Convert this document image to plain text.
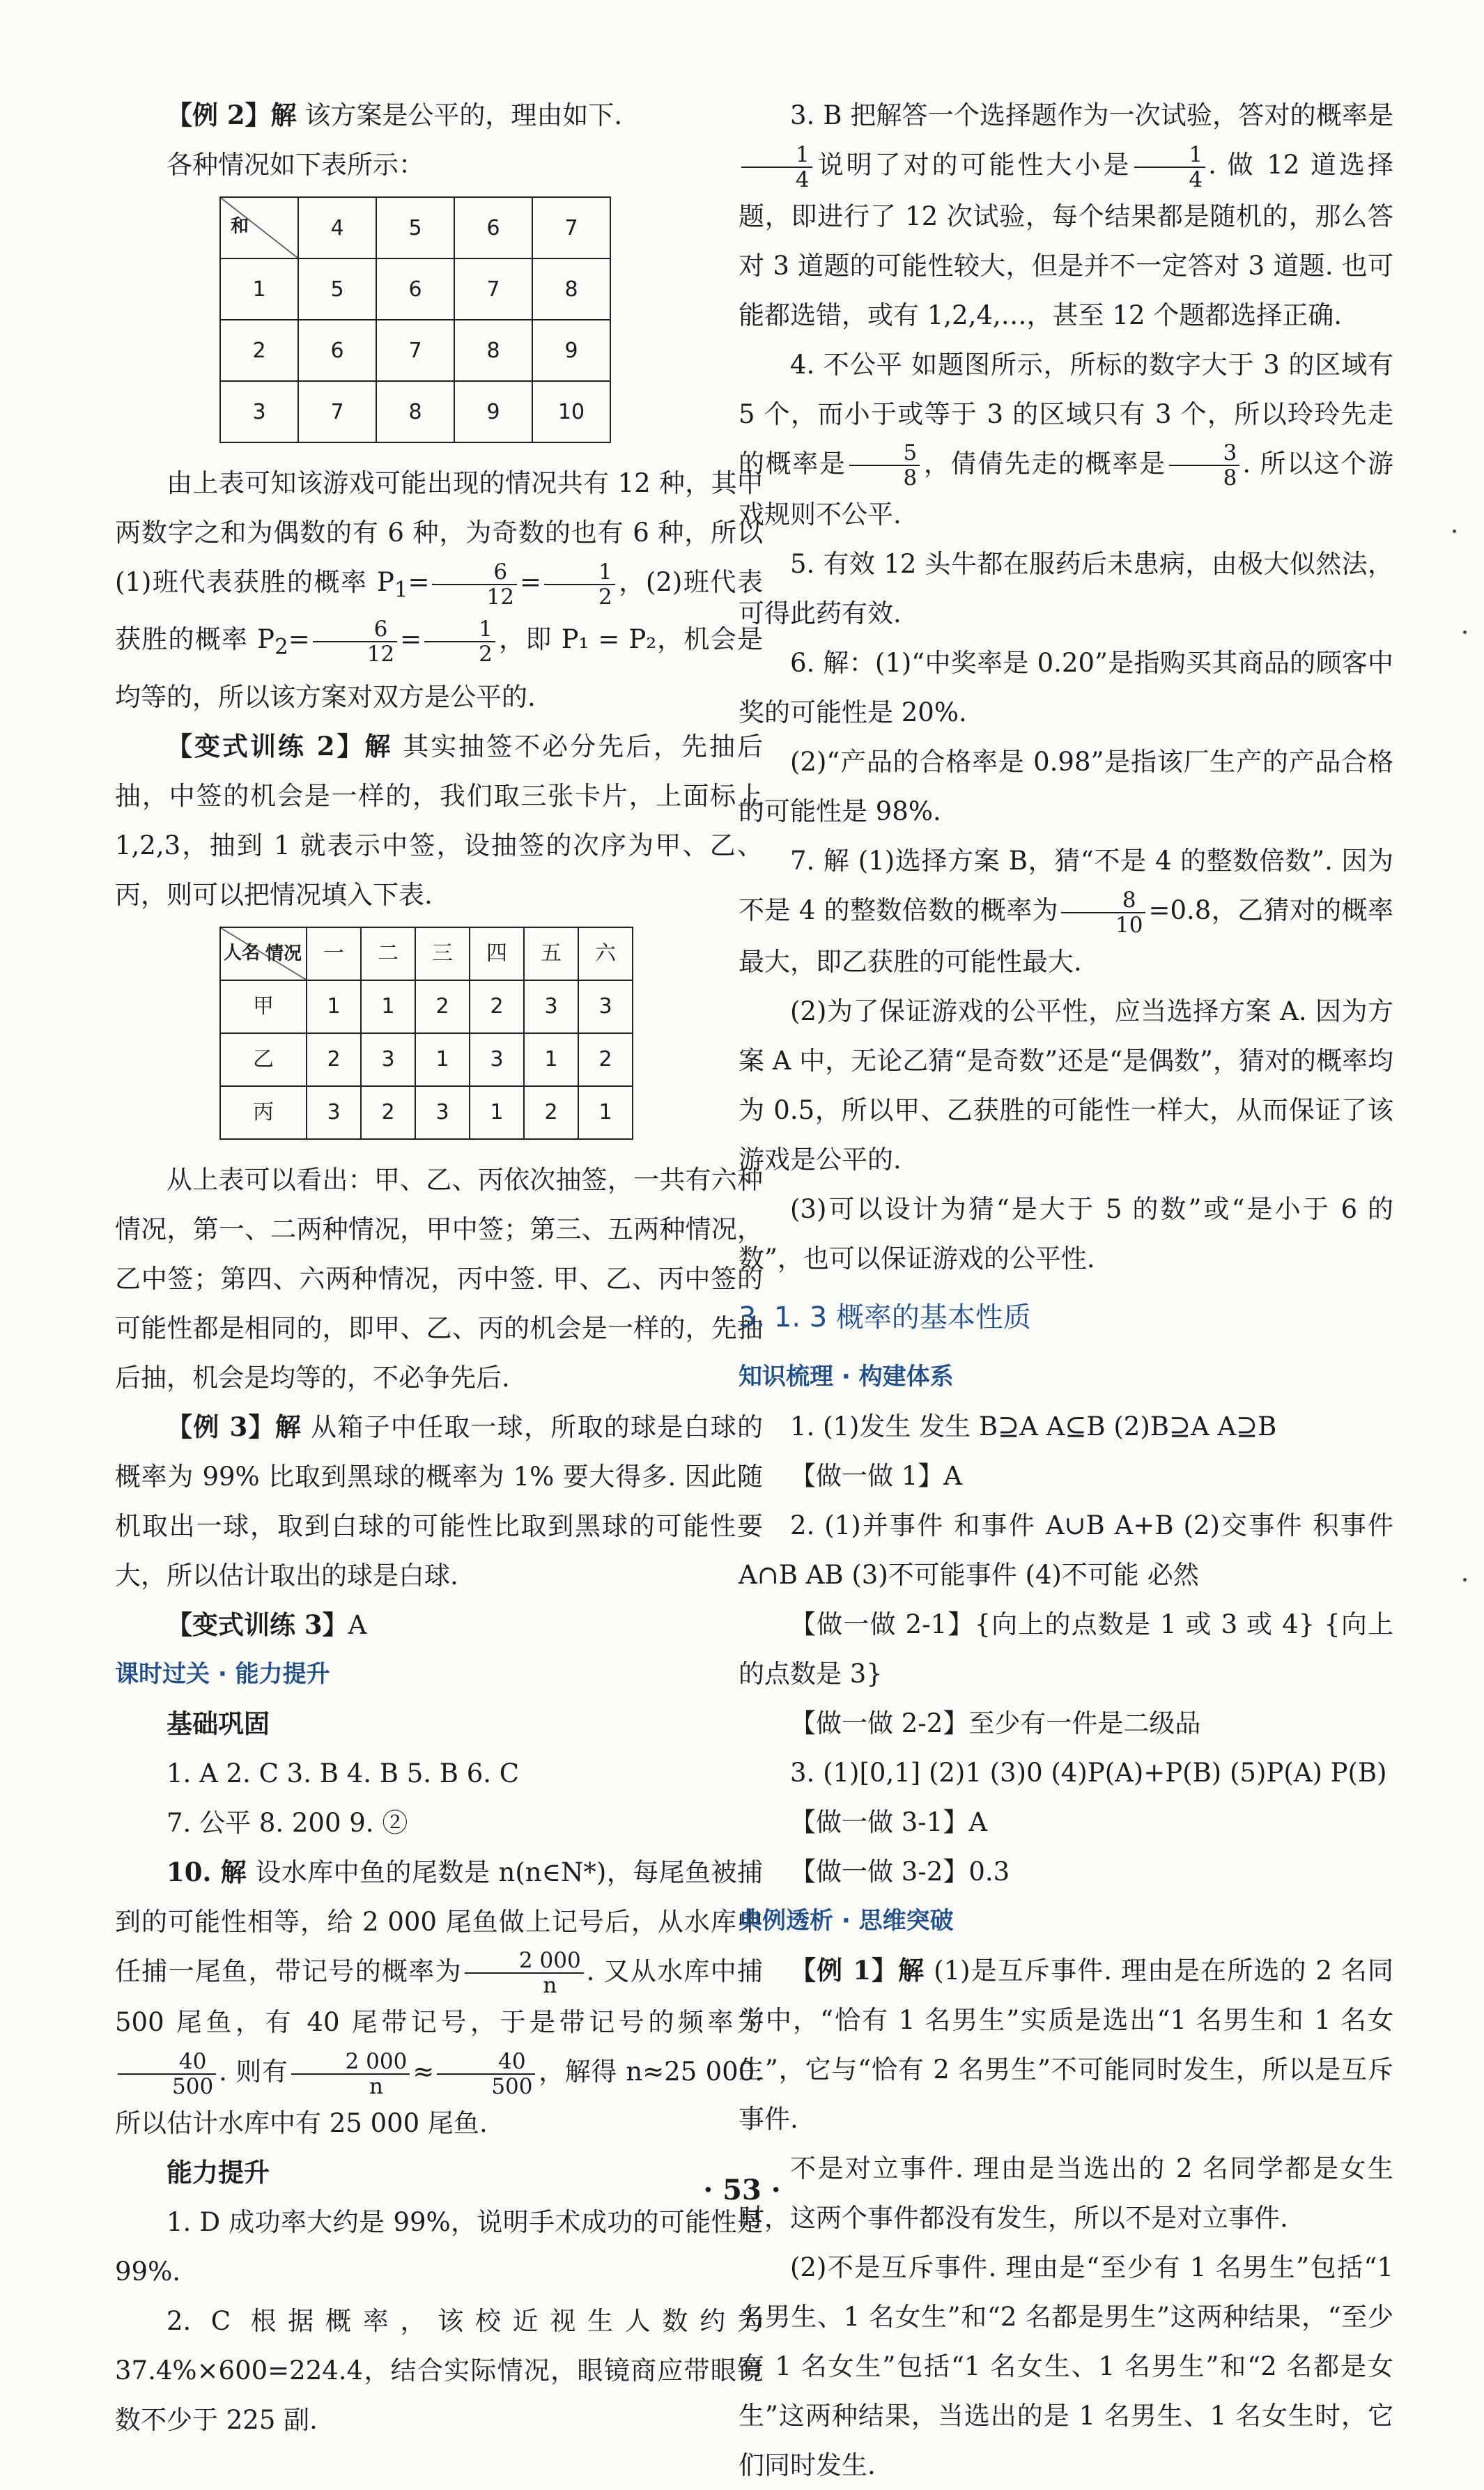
【例 2】解 该方案是公平的，理由如下.

各种情况如下表所示：

和	4	5	6	7
1	5	6	7	8
2	6	7	8	9
3	7	8	9	10

由上表可知该游戏可能出现的情况共有 12 种，其中两数字之和为偶数的有 6 种，为奇数的也有 6 种，所以(1)班代表获胜的概率 $P_1= \frac{6}{12} = \frac{1}{2}$ ，(2)班代表获胜的概率 $P_2= \frac{6}{12} = \frac{1}{2}$ ，即 P₁ = P₂，机会是均等的，所以该方案对双方是公平的.

【变式训练 2】解 其实抽签不必分先后，先抽后抽，中签的机会是一样的，我们取三张卡片，上面标上 1,2,3，抽到 1 就表示中签，设抽签的次序为甲、乙、丙，则可以把情况填入下表.

情况
人名	一	二	三	四	五	六
甲	1	1	2	2	3	3
乙	2	3	1	3	1	2
丙	3	2	3	1	2	1

从上表可以看出：甲、乙、丙依次抽签，一共有六种情况，第一、二两种情况，甲中签；第三、五两种情况，乙中签；第四、六两种情况，丙中签. 甲、乙、丙中签的可能性都是相同的，即甲、乙、丙的机会是一样的，先抽后抽，机会是均等的，不必争先后.

【例 3】解 从箱子中任取一球，所取的球是白球的概率为 99% 比取到黑球的概率为 1% 要大得多. 因此随机取出一球，取到白球的可能性比取到黑球的可能性要大，所以估计取出的球是白球.

【变式训练 3】A

课时过关 · 能力提升

基础巩固

1. A 2. C 3. B 4. B 5. B 6. C

7. 公平 8. 200 9. ②

10. 解 设水库中鱼的尾数是 n(n∈N*)，每尾鱼被捕到的可能性相等，给 2 000 尾鱼做上记号后，从水库中任捕一尾鱼，带记号的概率为 $\frac{2 000}{n}$ . 又从水库中捕 500 尾鱼，有 40 尾带记号，于是带记号的频率为
$\frac{40}{500}$ . 则有 $\frac{2 000}{n} \approx \frac{40}{500}$ ，解得 n≈25 000. 所以估计水库中有 25 000 尾鱼.

能力提升

1. D 成功率大约是 99%，说明手术成功的可能性是 99%.

2. C 根据概率，该校近视生人数约为 37.4%×600=224.4，结合实际情况，眼镜商应带眼镜数不少于 225 副.

3. B 把解答一个选择题作为一次试验，答对的概率是
$\frac{1}{4}$ 说明了对的可能性大小是 $\frac{1}{4}$ . 做 12 道选择题，即进行了 12 次试验，每个结果都是随机的，那么答对 3 道题的可能性较大，但是并不一定答对 3 道题. 也可能都选错，或有 1,2,4,…，甚至 12 个题都选择正确.

4. 不公平 如题图所示，所标的数字大于 3 的区域有 5 个，而小于或等于 3 的区域只有 3 个，所以玲玲先走的概率是 $\frac{5}{8}$ ，倩倩先走的概率是 $\frac{3}{8}$ . 所以这个游戏规则不公平.

5. 有效 12 头牛都在服药后未患病，由极大似然法，可得此药有效.

6. 解：(1)“中奖率是 0.20”是指购买其商品的顾客中奖的可能性是 20%.

(2)“产品的合格率是 0.98”是指该厂生产的产品合格的可能性是 98%.

7. 解 (1)选择方案 B，猜“不是 4 的整数倍数”. 因为不是 4 的整数倍数的概率为 $\frac{8}{10} =0.8$，乙猜对的概率最大，即乙获胜的可能性最大.

(2)为了保证游戏的公平性，应当选择方案 A. 因为方案 A 中，无论乙猜“是奇数”还是“是偶数”，猜对的概率均为 0.5，所以甲、乙获胜的可能性一样大，从而保证了该游戏是公平的.

(3)可以设计为猜“是大于 5 的数”或“是小于 6 的数”，也可以保证游戏的公平性.

3. 1. 3 概率的基本性质

知识梳理 · 构建体系

1. (1)发生 发生 B⊇A A⊆B (2)B⊇A A⊇B

【做一做 1】A

2. (1)并事件 和事件 A∪B A+B (2)交事件 积事件 A∩B AB (3)不可能事件 (4)不可能 必然

【做一做 2-1】{向上的点数是 1 或 3 或 4} {向上的点数是 3}

【做一做 2-2】至少有一件是二级品

3. (1)[0,1] (2)1 (3)0 (4)P(A)+P(B) (5)P(A) P(B)

【做一做 3-1】A

【做一做 3-2】0.3

典例透析 · 思维突破

【例 1】解 (1)是互斥事件. 理由是在所选的 2 名同学中，“恰有 1 名男生”实质是选出“1 名男生和 1 名女生”，它与“恰有 2 名男生”不可能同时发生，所以是互斥事件.

不是对立事件. 理由是当选出的 2 名同学都是女生时，这两个事件都没有发生，所以不是对立事件.

(2)不是互斥事件. 理由是“至少有 1 名男生”包括“1 名男生、1 名女生”和“2 名都是男生”这两种结果，“至少有 1 名女生”包括“1 名女生、1 名男生”和“2 名都是女生”这两种结果，当选出的是 1 名男生、1 名女生时，它们同时发生.

· 53 ·
